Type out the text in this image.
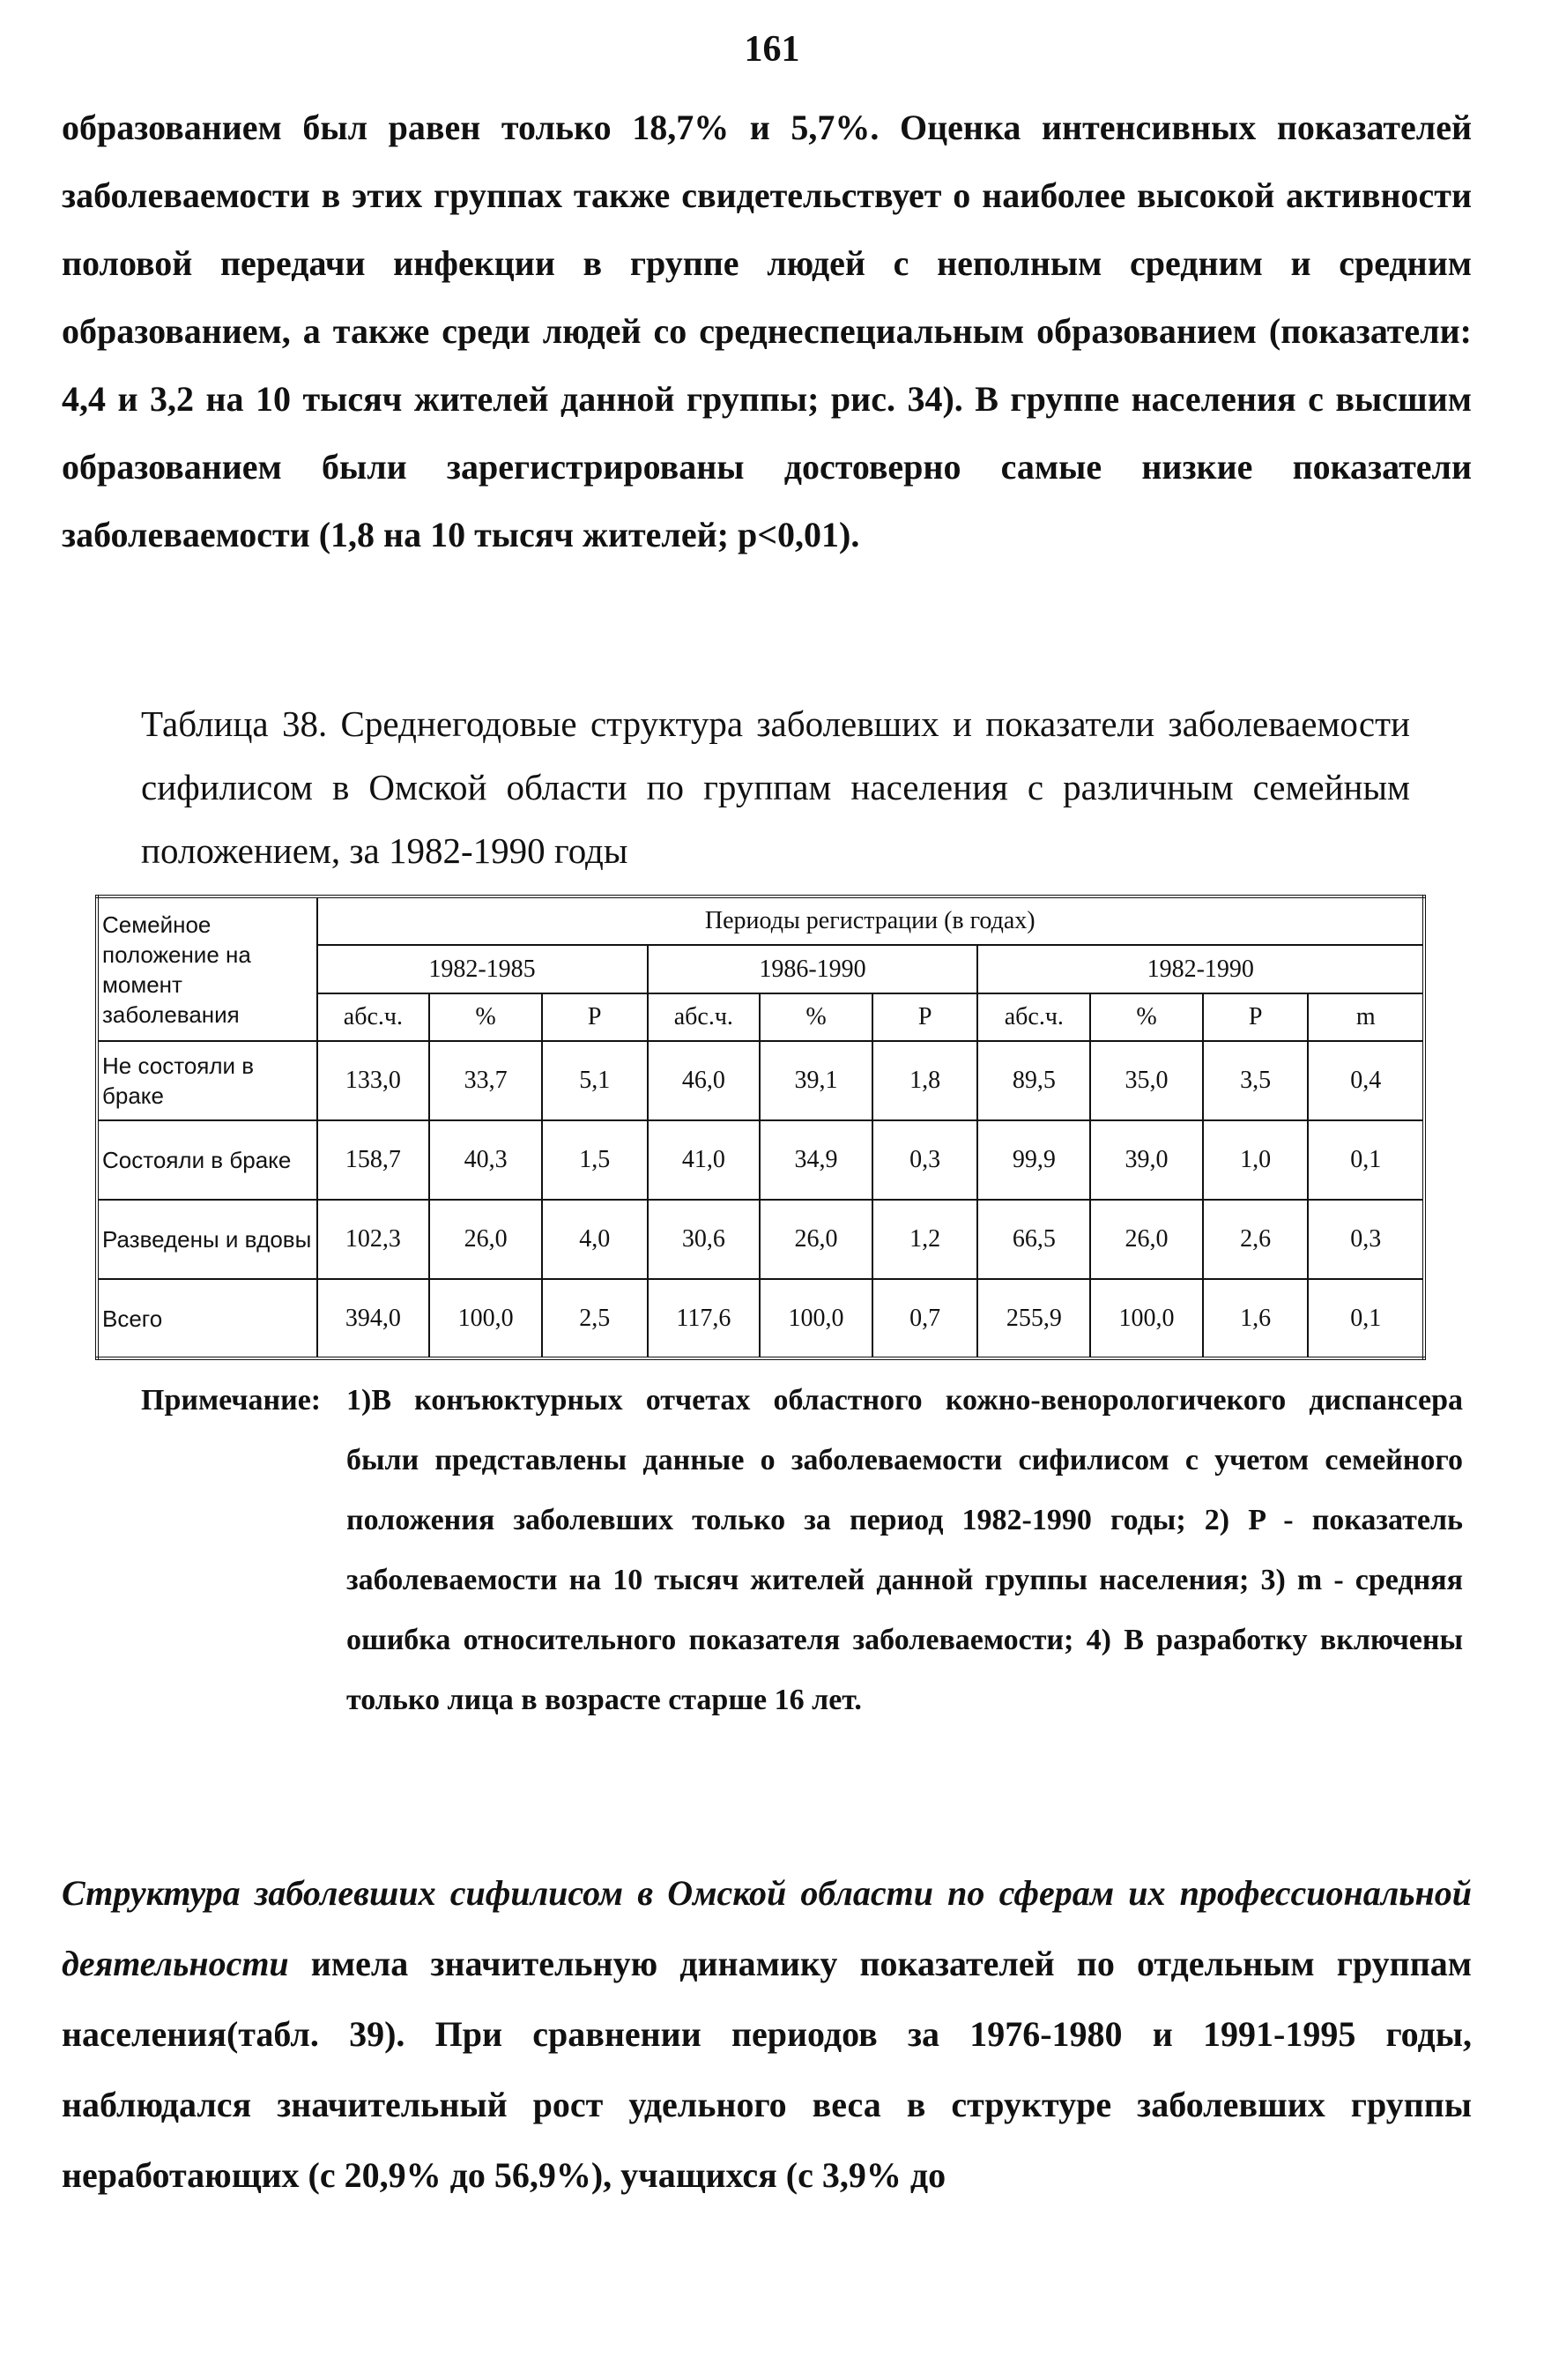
161

образованием был равен только 18,7% и 5,7%. Оценка интенсивных показателей заболеваемости в этих группах также свидетельствует о наиболее высокой активности половой передачи инфекции в группе людей с неполным средним и средним образованием, а также среди людей со среднеспециальным образованием (показатели: 4,4 и 3,2 на 10 тысяч жителей данной группы; рис. 34). В группе населения с высшим образованием были зарегистрированы достоверно самые низкие показатели заболеваемости (1,8 на 10 тысяч жителей; р<0,01).

Таблица 38. Среднегодовые структура заболевших и показатели заболеваемости сифилисом в Омской области по группам населения с различным семейным положением, за 1982-1990 годы

Семейное положение на момент заболевания	Периоды регистрации (в годах)									
	1982-1985			1986-1990			1982-1990			
	абс.ч.	%	P	абс.ч.	%	P	абс.ч.	%	P	m
Не состояли в браке	133,0	33,7	5,1	46,0	39,1	1,8	89,5	35,0	3,5	0,4
Состояли в браке	158,7	40,3	1,5	41,0	34,9	0,3	99,9	39,0	1,0	0,1
Разведены и вдовы	102,3	26,0	4,0	30,6	26,0	1,2	66,5	26,0	2,6	0,3
Всего	394,0	100,0	2,5	117,6	100,0	0,7	255,9	100,0	1,6	0,1
Примечание: 1)В конъюктурных отчетах областного кожно-венорологичекого диспансера были представлены данные о заболеваемости сифилисом с учетом семейного положения заболевших только за период 1982-1990 годы; 2) P - показатель заболеваемости на 10 тысяч жителей данной группы населения; 3) m - средняя ошибка относительного показателя заболеваемости; 4) В разработку включены только лица в возрасте старше 16 лет.

Структура заболевших сифилисом в Омской области по сферам их профессиональной деятельности имела значительную динамику показателей по отдельным группам населения(табл. 39). При сравнении периодов за 1976-1980 и 1991-1995 годы, наблюдался значительный рост удельного веса в структуре заболевших группы неработающих (с 20,9% до 56,9%), учащихся (с 3,9% до
